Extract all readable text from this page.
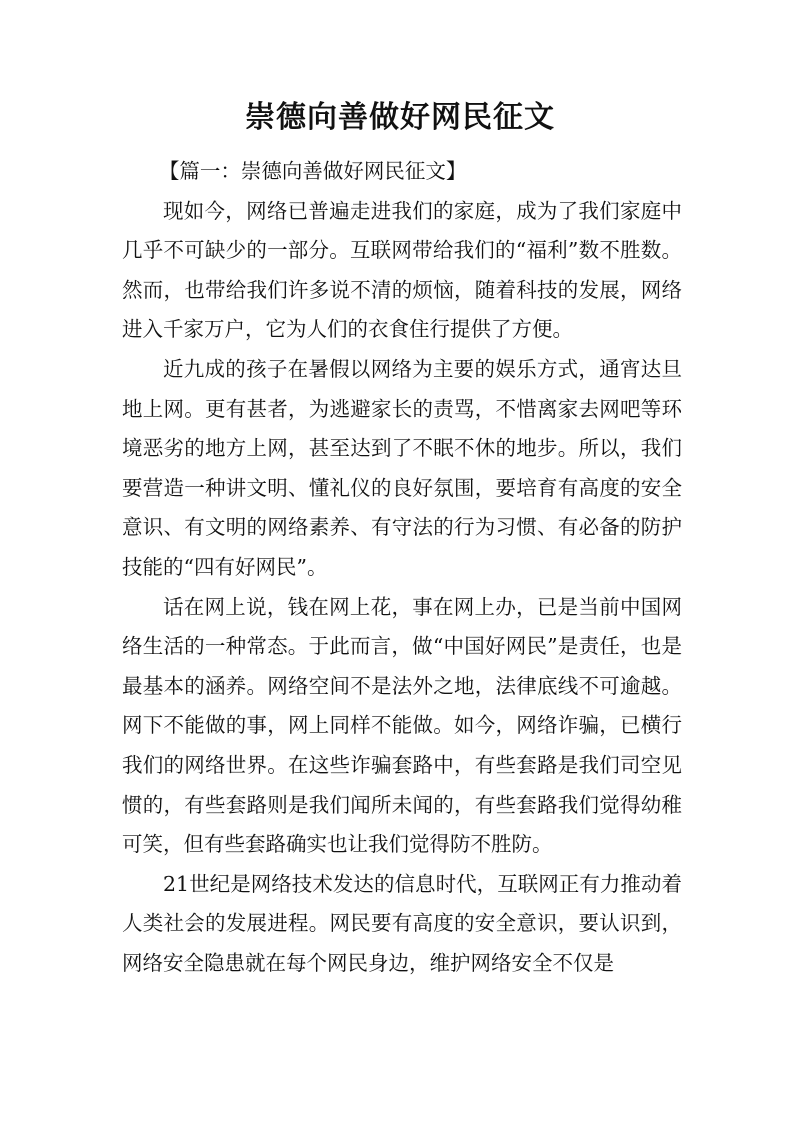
崇德向善做好网民征文

【篇一：崇德向善做好网民征文】

现如今，网络已普遍走进我们的家庭，成为了我们家庭中几乎不可缺少的一部分。互联网带给我们的“福利”数不胜数。然而，也带给我们许多说不清的烦恼，随着科技的发展，网络进入千家万户，它为人们的衣食住行提供了方便。

近九成的孩子在暑假以网络为主要的娱乐方式，通宵达旦地上网。更有甚者，为逃避家长的责骂，不惜离家去网吧等环境恶劣的地方上网，甚至达到了不眠不休的地步。所以，我们要营造一种讲文明、懂礼仪的良好氛围，要培育有高度的安全意识、有文明的网络素养、有守法的行为习惯、有必备的防护技能的“四有好网民”。

话在网上说，钱在网上花，事在网上办，已是当前中国网络生活的一种常态。于此而言，做“中国好网民”是责任，也是最基本的涵养。网络空间不是法外之地，法律底线不可逾越。网下不能做的事，网上同样不能做。如今，网络诈骗，已横行我们的网络世界。在这些诈骗套路中，有些套路是我们司空见惯的，有些套路则是我们闻所未闻的，有些套路我们觉得幼稚可笑，但有些套路确实也让我们觉得防不胜防。

21世纪是网络技术发达的信息时代，互联网正有力推动着人类社会的发展进程。网民要有高度的安全意识，要认识到，网络安全隐患就在每个网民身边，维护网络安全不仅是
